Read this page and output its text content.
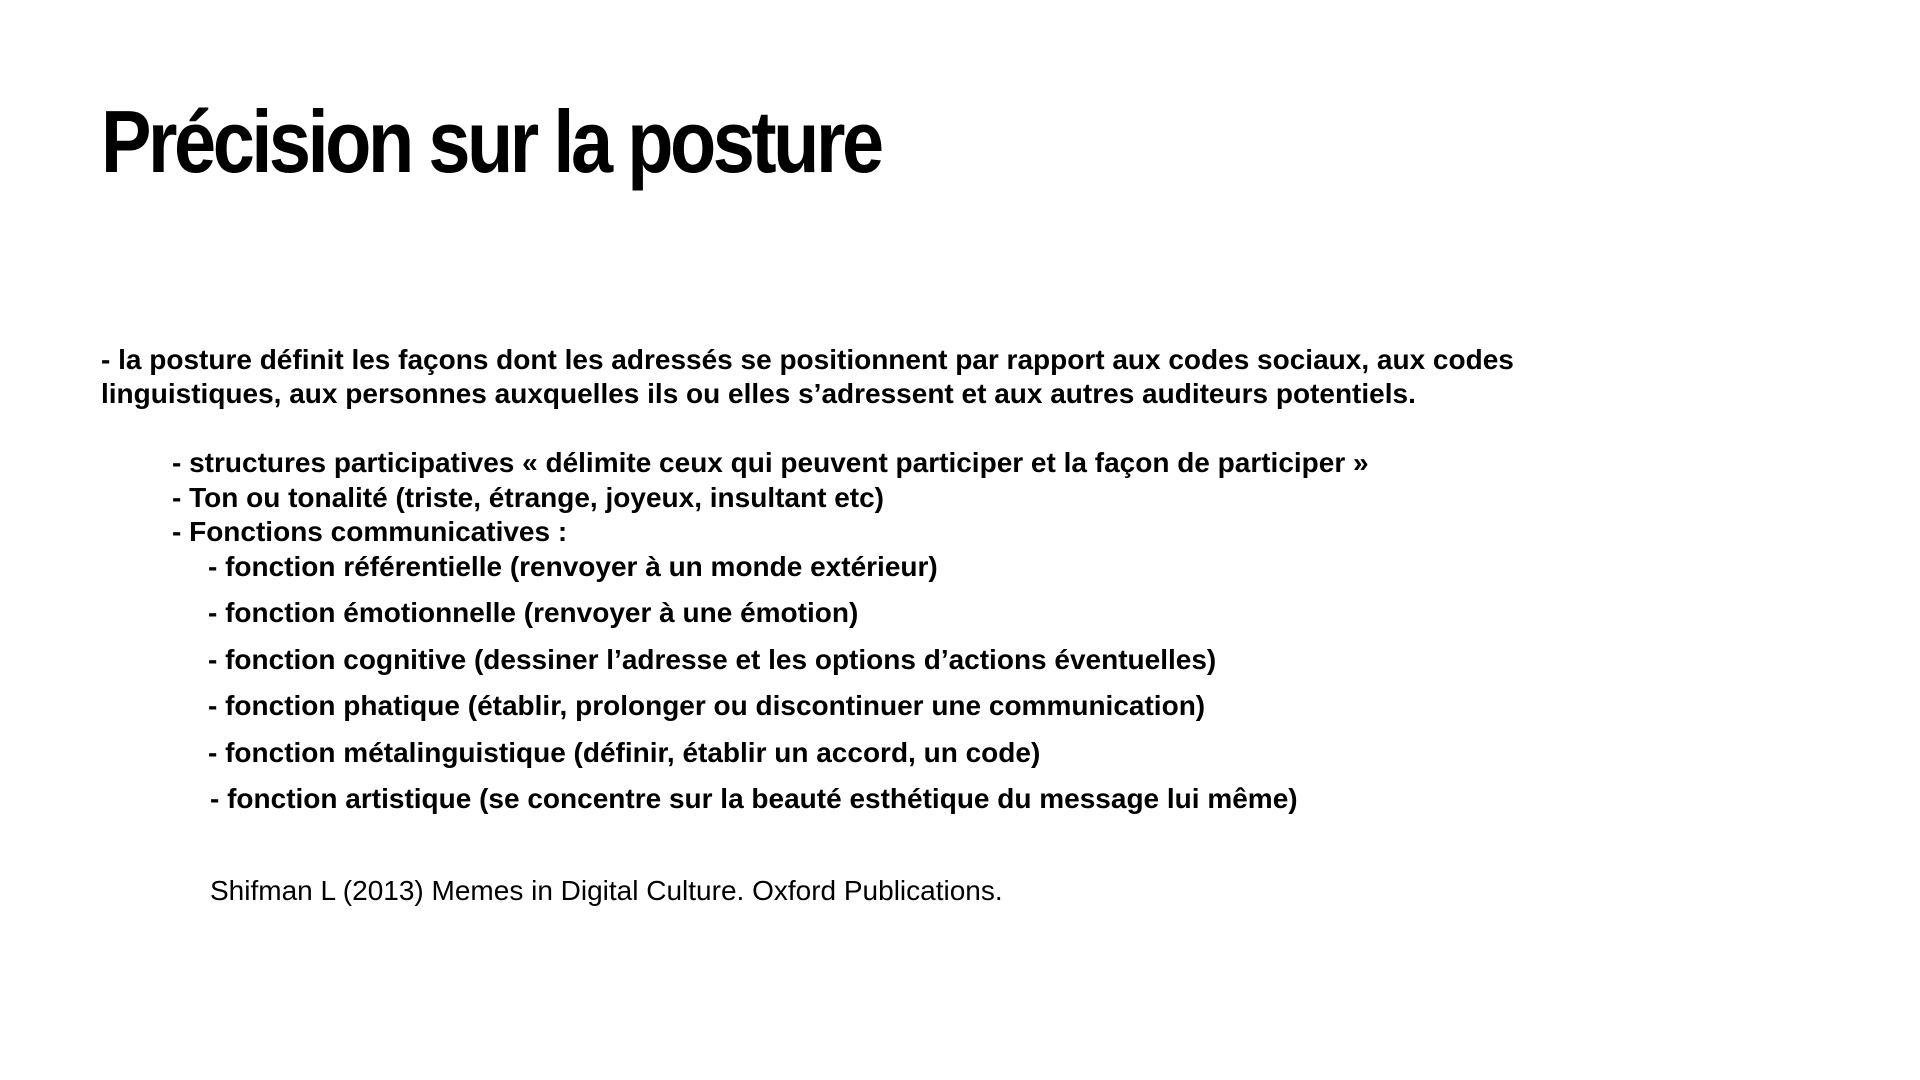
Précision sur la posture

- la posture définit les façons dont les adressés se positionnent par rapport aux codes sociaux, aux codes

linguistiques, aux personnes auxquelles ils ou elles s’adressent et aux autres auditeurs potentiels.

- structures participatives « délimite ceux qui peuvent participer et la façon de participer »
- Ton ou tonalité (triste, étrange, joyeux, insultant etc)
- Fonctions communicatives :
- fonction référentielle (renvoyer à un monde extérieur)
- fonction émotionnelle (renvoyer à une émotion)
- fonction cognitive (dessiner l’adresse et les options d’actions éventuelles)
- fonction phatique (établir, prolonger ou discontinuer une communication)
- fonction métalinguistique (définir, établir un accord, un code)
- fonction artistique (se concentre sur la beauté esthétique du message lui même)
Shifman L (2013) Memes in Digital Culture. Oxford Publications.
